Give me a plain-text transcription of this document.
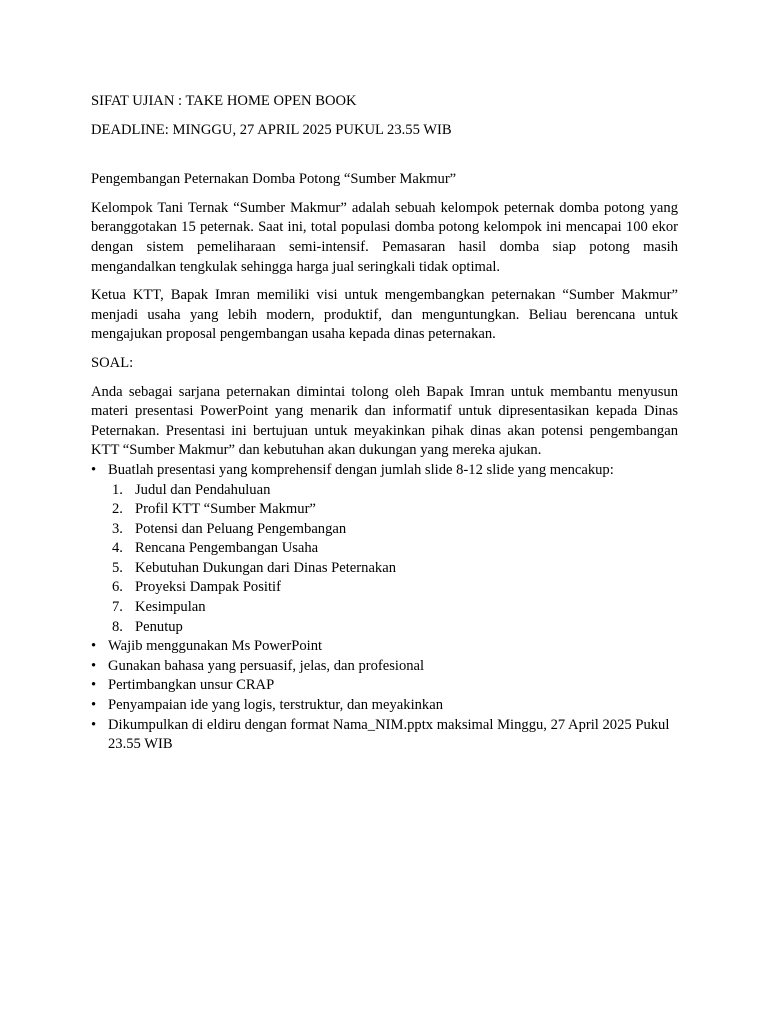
SIFAT UJIAN : TAKE HOME OPEN BOOK

DEADLINE: MINGGU, 27 APRIL 2025 PUKUL 23.55 WIB

Pengembangan Peternakan Domba Potong “Sumber Makmur”

Kelompok Tani Ternak “Sumber Makmur” adalah sebuah kelompok peternak domba potong yang beranggotakan 15 peternak. Saat ini, total populasi domba potong kelompok ini mencapai 100 ekor dengan sistem pemeliharaan semi-intensif. Pemasaran hasil domba siap potong masih mengandalkan tengkulak sehingga harga jual seringkali tidak optimal.

Ketua KTT, Bapak Imran memiliki visi untuk mengembangkan peternakan “Sumber Makmur” menjadi usaha yang lebih modern, produktif, dan menguntungkan. Beliau berencana untuk mengajukan proposal pengembangan usaha kepada dinas peternakan.

SOAL:

Anda sebagai sarjana peternakan dimintai tolong oleh Bapak Imran untuk membantu menyusun materi presentasi PowerPoint yang menarik dan informatif untuk dipresentasikan kepada Dinas Peternakan. Presentasi ini bertujuan untuk meyakinkan pihak dinas akan potensi pengembangan KTT “Sumber Makmur” dan kebutuhan akan dukungan yang mereka ajukan.

• Buatlah presentasi yang komprehensif dengan jumlah slide 8-12 slide yang mencakup:
1. Judul dan Pendahuluan
2. Profil KTT “Sumber Makmur”
3. Potensi dan Peluang Pengembangan
4. Rencana Pengembangan Usaha
5. Kebutuhan Dukungan dari Dinas Peternakan
6. Proyeksi Dampak Positif
7. Kesimpulan
8. Penutup
• Wajib menggunakan Ms PowerPoint
• Gunakan bahasa yang persuasif, jelas, dan profesional
• Pertimbangkan unsur CRAP
• Penyampaian ide yang logis, terstruktur, dan meyakinkan
• Dikumpulkan di eldiru dengan format Nama_NIM.pptx maksimal Minggu, 27 April 2025 Pukul 23.55 WIB
